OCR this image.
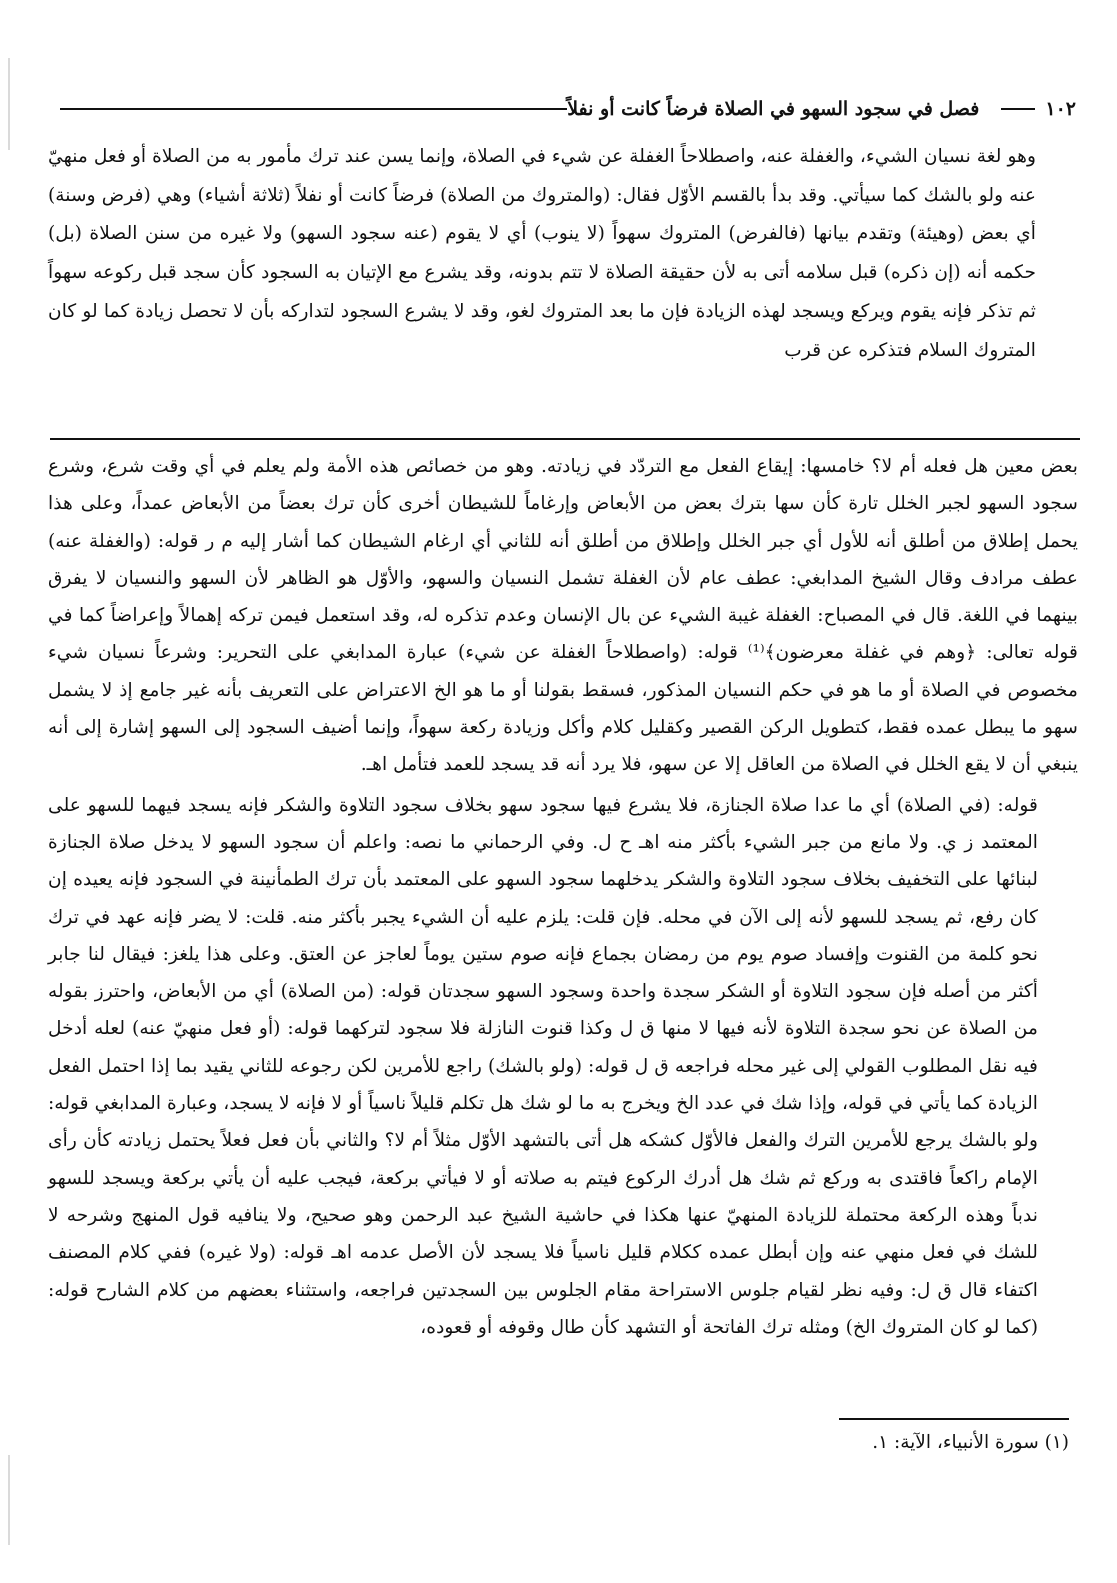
١٠٢
فصل في سجود السهو في الصلاة فرضاً كانت أو نفلاً

وهو لغة نسيان الشيء، والغفلة عنه، واصطلاحاً الغفلة عن شيء في الصلاة، وإنما يسن عند ترك مأمور به من الصلاة أو فعل منهيّ عنه ولو بالشك كما سيأتي. وقد بدأ بالقسم الأوّل فقال: (والمتروك من الصلاة) فرضاً كانت أو نفلاً (ثلاثة أشياء) وهي (فرض وسنة) أي بعض (وهيئة) وتقدم بيانها (فالفرض) المتروك سهواً (لا ينوب) أي لا يقوم (عنه سجود السهو) ولا غيره من سنن الصلاة (بل) حكمه أنه (إن ذكره) قبل سلامه أتى به لأن حقيقة الصلاة لا تتم بدونه، وقد يشرع مع الإتيان به السجود كأن سجد قبل ركوعه سهواً ثم تذكر فإنه يقوم ويركع ويسجد لهذه الزيادة فإن ما بعد المتروك لغو، وقد لا يشرع السجود لتداركه بأن لا تحصل زيادة كما لو كان المتروك السلام فتذكره عن قرب

بعض معين هل فعله أم لا؟ خامسها: إيقاع الفعل مع التردّد في زيادته. وهو من خصائص هذه الأمة ولم يعلم في أي وقت شرع، وشرع سجود السهو لجبر الخلل تارة كأن سها بترك بعض من الأبعاض وإرغاماً للشيطان أخرى كأن ترك بعضاً من الأبعاض عمداً، وعلى هذا يحمل إطلاق من أطلق أنه للأول أي جبر الخلل وإطلاق من أطلق أنه للثاني أي ارغام الشيطان كما أشار إليه م ر قوله: (والغفلة عنه) عطف مرادف وقال الشيخ المدابغي: عطف عام لأن الغفلة تشمل النسيان والسهو، والأوّل هو الظاهر لأن السهو والنسيان لا يفرق بينهما في اللغة. قال في المصباح: الغفلة غيبة الشيء عن بال الإنسان وعدم تذكره له، وقد استعمل فيمن تركه إهمالاً وإعراضاً كما في قوله تعالى: ﴿وهم في غفلة معرضون﴾⁽¹⁾ قوله: (واصطلاحاً الغفلة عن شيء) عبارة المدابغي على التحرير: وشرعاً نسيان شيء مخصوص في الصلاة أو ما هو في حكم النسيان المذكور، فسقط بقولنا أو ما هو الخ الاعتراض على التعريف بأنه غير جامع إذ لا يشمل سهو ما يبطل عمده فقط، كتطويل الركن القصير وكقليل كلام وأكل وزيادة ركعة سهواً، وإنما أضيف السجود إلى السهو إشارة إلى أنه ينبغي أن لا يقع الخلل في الصلاة من العاقل إلا عن سهو، فلا يرد أنه قد يسجد للعمد فتأمل اهـ.

قوله: (في الصلاة) أي ما عدا صلاة الجنازة، فلا يشرع فيها سجود سهو بخلاف سجود التلاوة والشكر فإنه يسجد فيهما للسهو على المعتمد ز ي. ولا مانع من جبر الشيء بأكثر منه اهـ ح ل. وفي الرحماني ما نصه: واعلم أن سجود السهو لا يدخل صلاة الجنازة لبنائها على التخفيف بخلاف سجود التلاوة والشكر يدخلهما سجود السهو على المعتمد بأن ترك الطمأنينة في السجود فإنه يعيده إن كان رفع، ثم يسجد للسهو لأنه إلى الآن في محله. فإن قلت: يلزم عليه أن الشيء يجبر بأكثر منه. قلت: لا يضر فإنه عهد في ترك نحو كلمة من القنوت وإفساد صوم يوم من رمضان بجماع فإنه صوم ستين يوماً لعاجز عن العتق. وعلى هذا يلغز: فيقال لنا جابر أكثر من أصله فإن سجود التلاوة أو الشكر سجدة واحدة وسجود السهو سجدتان قوله: (من الصلاة) أي من الأبعاض، واحترز بقوله من الصلاة عن نحو سجدة التلاوة لأنه فيها لا منها ق ل وكذا قنوت النازلة فلا سجود لتركهما قوله: (أو فعل منهيّ عنه) لعله أدخل فيه نقل المطلوب القولي إلى غير محله فراجعه ق ل قوله: (ولو بالشك) راجع للأمرين لكن رجوعه للثاني يقيد بما إذا احتمل الفعل الزيادة كما يأتي في قوله، وإذا شك في عدد الخ ويخرج به ما لو شك هل تكلم قليلاً ناسياً أو لا فإنه لا يسجد، وعبارة المدابغي قوله: ولو بالشك يرجع للأمرين الترك والفعل فالأوّل كشكه هل أتى بالتشهد الأوّل مثلاً أم لا؟ والثاني بأن فعل فعلاً يحتمل زيادته كأن رأى الإمام راكعاً فاقتدى به وركع ثم شك هل أدرك الركوع فيتم به صلاته أو لا فيأتي بركعة، فيجب عليه أن يأتي بركعة ويسجد للسهو ندباً وهذه الركعة محتملة للزيادة المنهيّ عنها هكذا في حاشية الشيخ عبد الرحمن وهو صحيح، ولا ينافيه قول المنهج وشرحه لا للشك في فعل منهي عنه وإن أبطل عمده ككلام قليل ناسياً فلا يسجد لأن الأصل عدمه اهـ قوله: (ولا غيره) ففي كلام المصنف اكتفاء قال ق ل: وفيه نظر لقيام جلوس الاستراحة مقام الجلوس بين السجدتين فراجعه، واستثناء بعضهم من كلام الشارح قوله: (كما لو كان المتروك الخ) ومثله ترك الفاتحة أو التشهد كأن طال وقوفه أو قعوده،

(١) سورة الأنبياء، الآية: ١.
